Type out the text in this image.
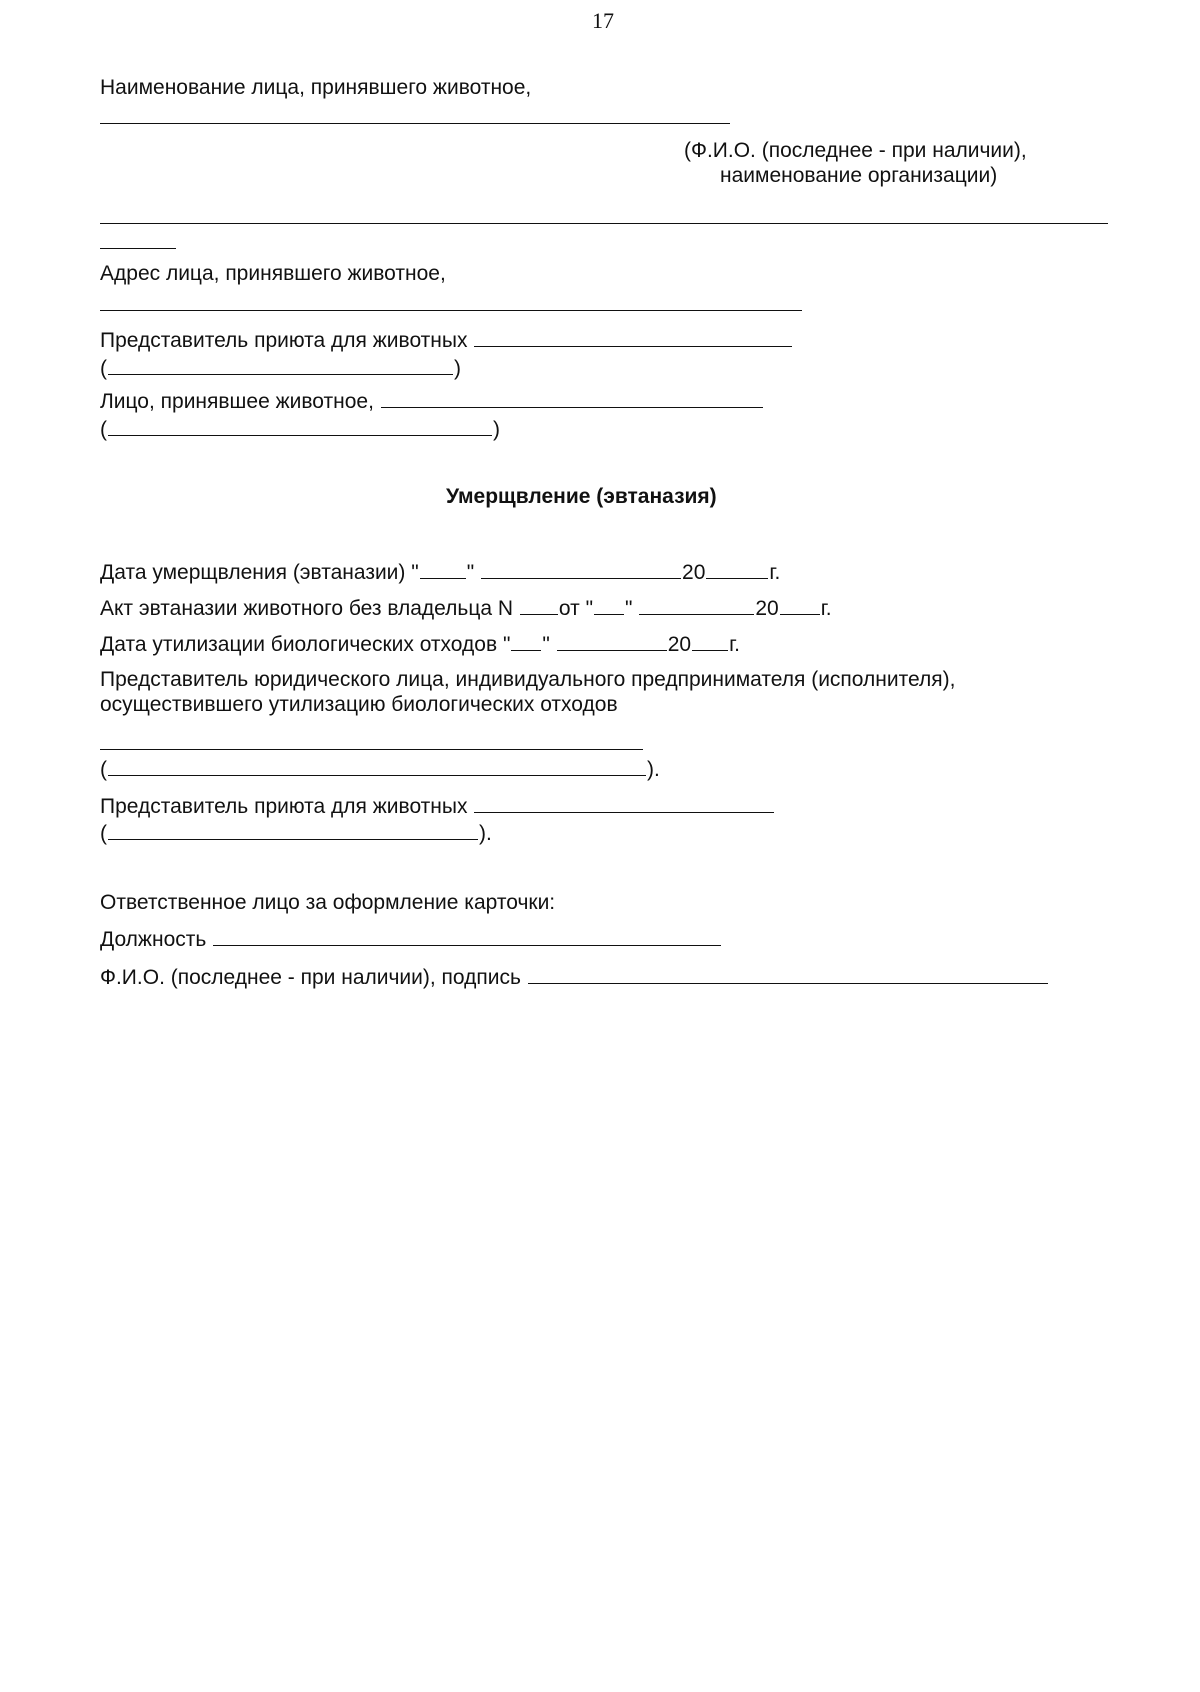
17
Наименование лица, принявшего животное,
(Ф.И.О. (последнее - при наличии),
наименование организации)
Адрес лица, принявшего животное,
Представитель приюта для животных
(	)
Лицо, принявшее животное,
(	)
Умерщвление (эвтаназия)
Дата умерщвления (эвтаназии) " "	20	г.
Акт эвтаназии животного без владельца N от " "	20 г.
Дата утилизации биологических отходов " "	20 г.
Представитель юридического лица, индивидуального предпринимателя (исполнителя),
осуществившего утилизацию биологических отходов
(	).
Представитель приюта для животных
(	).
Ответственное лицо за оформление карточки:
Должность
Ф.И.О. (последнее - при наличии), подпись
